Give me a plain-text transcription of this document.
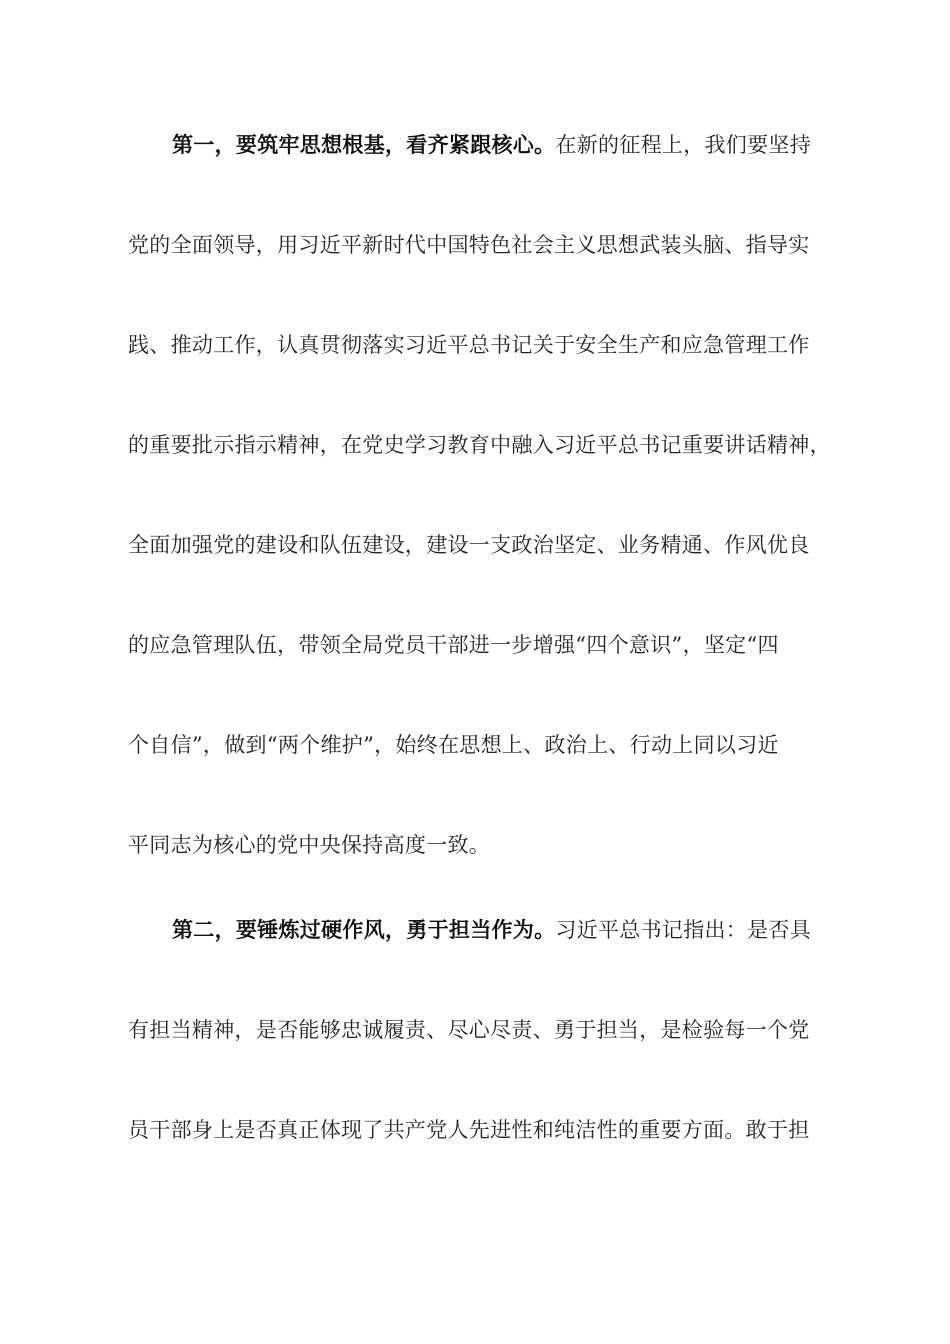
第一，要筑牢思想根基，看齐紧跟核心。在新的征程上，我们要坚持
党的全面领导，用习近平新时代中国特色社会主义思想武装头脑、指导实
践、推动工作，认真贯彻落实习近平总书记关于安全生产和应急管理工作
的重要批示指示精神，在党史学习教育中融入习近平总书记重要讲话精神，
全面加强党的建设和队伍建设，建设一支政治坚定、业务精通、作风优良
的应急管理队伍，带领全局党员干部进一步增强“四个意识”，坚定“四
个自信”，做到“两个维护”，始终在思想上、政治上、行动上同以习近
平同志为核心的党中央保持高度一致。
第二，要锤炼过硬作风，勇于担当作为。习近平总书记指出：是否具
有担当精神，是否能够忠诚履责、尽心尽责、勇于担当，是检验每一个党
员干部身上是否真正体现了共产党人先进性和纯洁性的重要方面。敢于担
